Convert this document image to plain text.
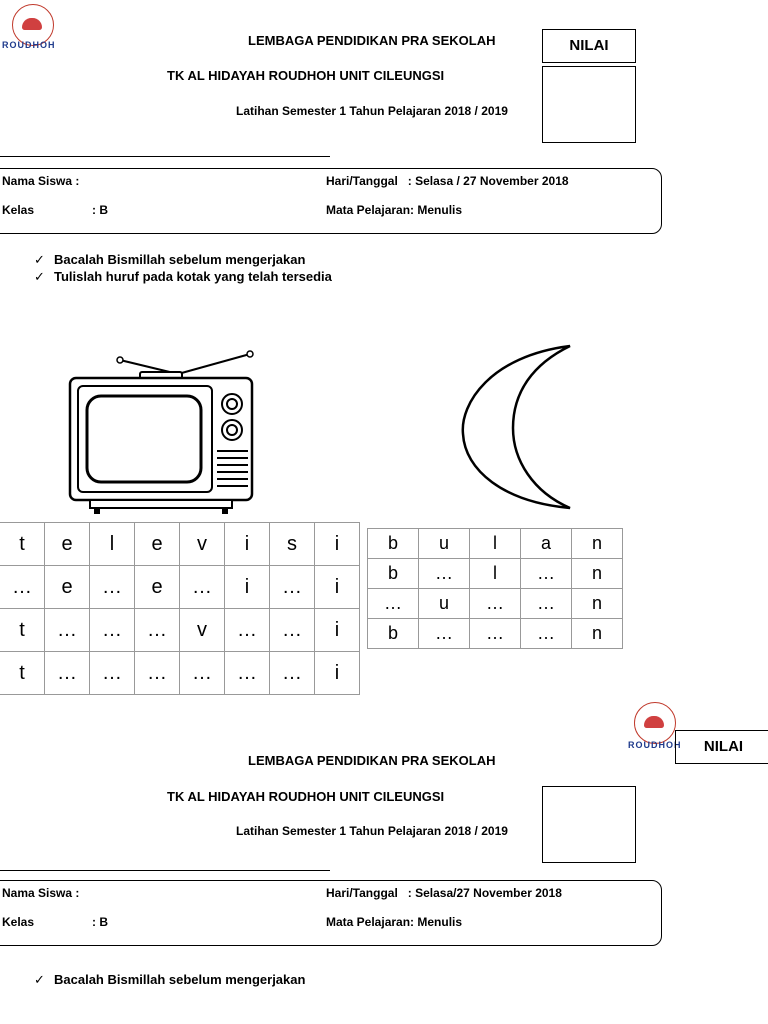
ROUDHOH	LEMBAGA PENDIDIKAN PRA SEKOLAH
TK AL HIDAYAH ROUDHOH UNIT CILEUNGSI
Latihan Semester 1 Tahun Pelajaran 2018 / 2019
NILAI
Nama Siswa :
Kelas	: B
Hari/Tanggal   : Selasa / 27 November 2018
Mata Pelajaran: Menulis
✓ Bacalah Bismillah sebelum mengerjakan
✓ Tulislah huruf pada kotak yang telah tersedia
t	e	l	e	v	i	s	i
…	e	…	e	…	i	…	i
t	…	…	…	v	…	…	i
t	…	…	…	…	…	…	i
b	u	l	a	n
b	…	l	…	n
…	u	…	…	n
b	…	…	…	n
ROUDHOH	NILAI
LEMBAGA PENDIDIKAN PRA SEKOLAH
TK AL HIDAYAH ROUDHOH UNIT CILEUNGSI
Latihan Semester 1 Tahun Pelajaran 2018 / 2019
Nama Siswa :
Kelas	: B
Hari/Tanggal   : Selasa/27 November 2018
Mata Pelajaran: Menulis
✓ Bacalah Bismillah sebelum mengerjakan
